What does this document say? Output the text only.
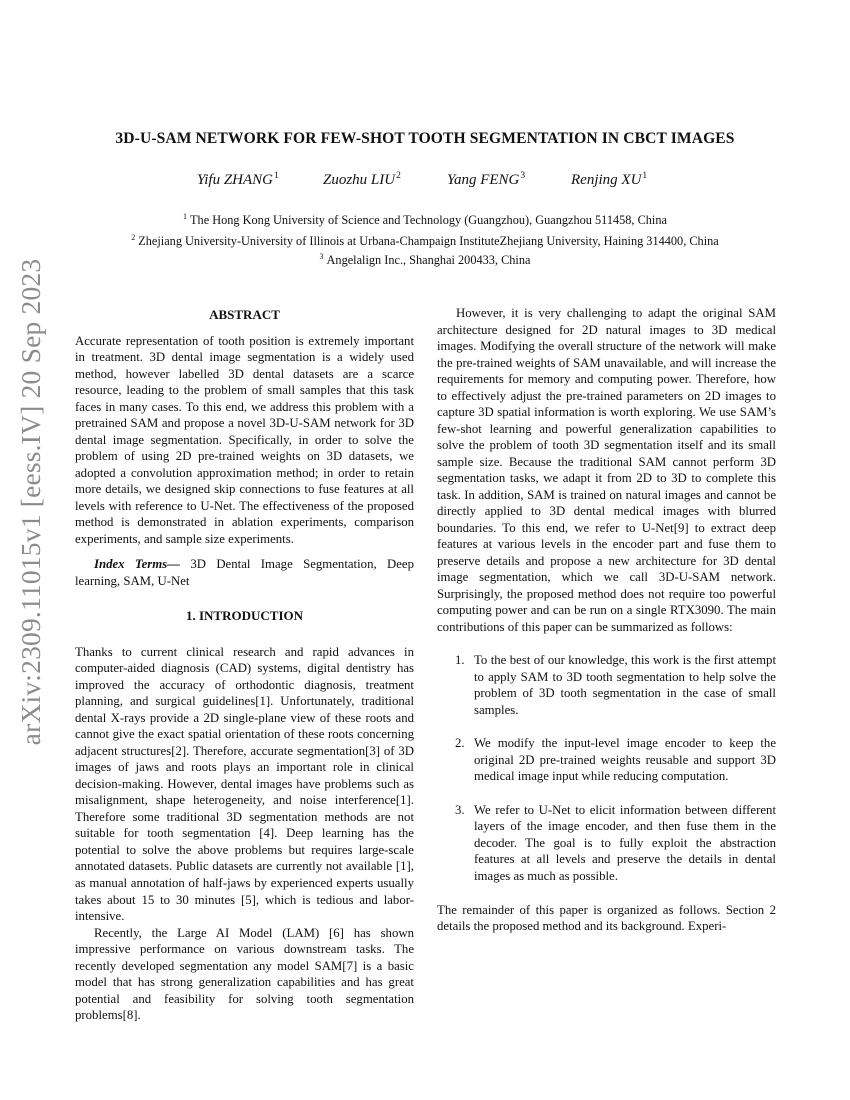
arXiv:2309.11015v1 [eess.IV] 20 Sep 2023
3D-U-SAM NETWORK FOR FEW-SHOT TOOTH SEGMENTATION IN CBCT IMAGES
Yifu ZHANG$^1$	Zuozhu LIU$^2$	Yang FENG$^3$	Renjing $XU^1$
$^1$ The Hong Kong University of Science and Technology (Guangzhou), Guangzhou 511458, China
$^2$ Zhejiang University-University of Illinois at Urbana-Champaign InstituteZhejiang University, Haining 314400, China
$^3$ Angelalign Inc., Shanghai 200433, China

ABSTRACT

Accurate representation of tooth position is extremely important in treatment. 3D dental image segmentation is a widely used method, however labelled 3D dental datasets are a scarce resource, leading to the problem of small samples that this task faces in many cases. To this end, we address this problem with a pretrained SAM and propose a novel 3D-U-SAM network for 3D dental image segmentation. Specifically, in order to solve the problem of using 2D pre-trained weights on 3D datasets, we adopted a convolution approximation method; in order to retain more details, we designed skip connections to fuse features at all levels with reference to U-Net. The effectiveness of the proposed method is demonstrated in ablation experiments, comparison experiments, and sample size experiments.

Index Terms— 3D Dental Image Segmentation, Deep learning, SAM, U-Net

1. INTRODUCTION

Thanks to current clinical research and rapid advances in computer-aided diagnosis (CAD) systems, digital dentistry has improved the accuracy of orthodontic diagnosis, treatment planning, and surgical guidelines[1]. Unfortunately, traditional dental X-rays provide a 2D single-plane view of these roots and cannot give the exact spatial orientation of these roots concerning adjacent structures[2]. Therefore, accurate segmentation[3] of 3D images of jaws and roots plays an important role in clinical decision-making. However, dental images have problems such as misalignment, shape heterogeneity, and noise interference[1]. Therefore some traditional 3D segmentation methods are not suitable for tooth segmentation [4]. Deep learning has the potential to solve the above problems but requires large-scale annotated datasets. Public datasets are currently not available [1], as manual annotation of half-jaws by experienced experts usually takes about 15 to 30 minutes [5], which is tedious and labor-intensive.

Recently, the Large AI Model (LAM) [6] has shown impressive performance on various downstream tasks. The recently developed segmentation any model SAM[7] is a basic model that has strong generalization capabilities and has great potential and feasibility for solving tooth segmentation problems[8].

However, it is very challenging to adapt the original SAM architecture designed for 2D natural images to 3D medical images. Modifying the overall structure of the network will make the pre-trained weights of SAM unavailable, and will increase the requirements for memory and computing power. Therefore, how to effectively adjust the pre-trained parameters on 2D images to capture 3D spatial information is worth exploring. We use SAM’s few-shot learning and powerful generalization capabilities to solve the problem of tooth 3D segmentation itself and its small sample size. Because the traditional SAM cannot perform 3D segmentation tasks, we adapt it from 2D to 3D to complete this task. In addition, SAM is trained on natural images and cannot be directly applied to 3D dental medical images with blurred boundaries. To this end, we refer to U-Net[9] to extract deep features at various levels in the encoder part and fuse them to preserve details and propose a new architecture for 3D dental image segmentation, which we call 3D-U-SAM network. Surprisingly, the proposed method does not require too powerful computing power and can be run on a single RTX3090. The main contributions of this paper can be summarized as follows:

1. To the best of our knowledge, this work is the first attempt to apply SAM to 3D tooth segmentation to help solve the problem of 3D tooth segmentation in the case of small samples.
2. We modify the input-level image encoder to keep the original 2D pre-trained weights reusable and support 3D medical image input while reducing computation.
3. We refer to U-Net to elicit information between different layers of the image encoder, and then fuse them in the decoder. The goal is to fully exploit the abstraction features at all levels and preserve the details in dental images as much as possible.

The remainder of this paper is organized as follows. Section 2 details the proposed method and its background. Experi-
